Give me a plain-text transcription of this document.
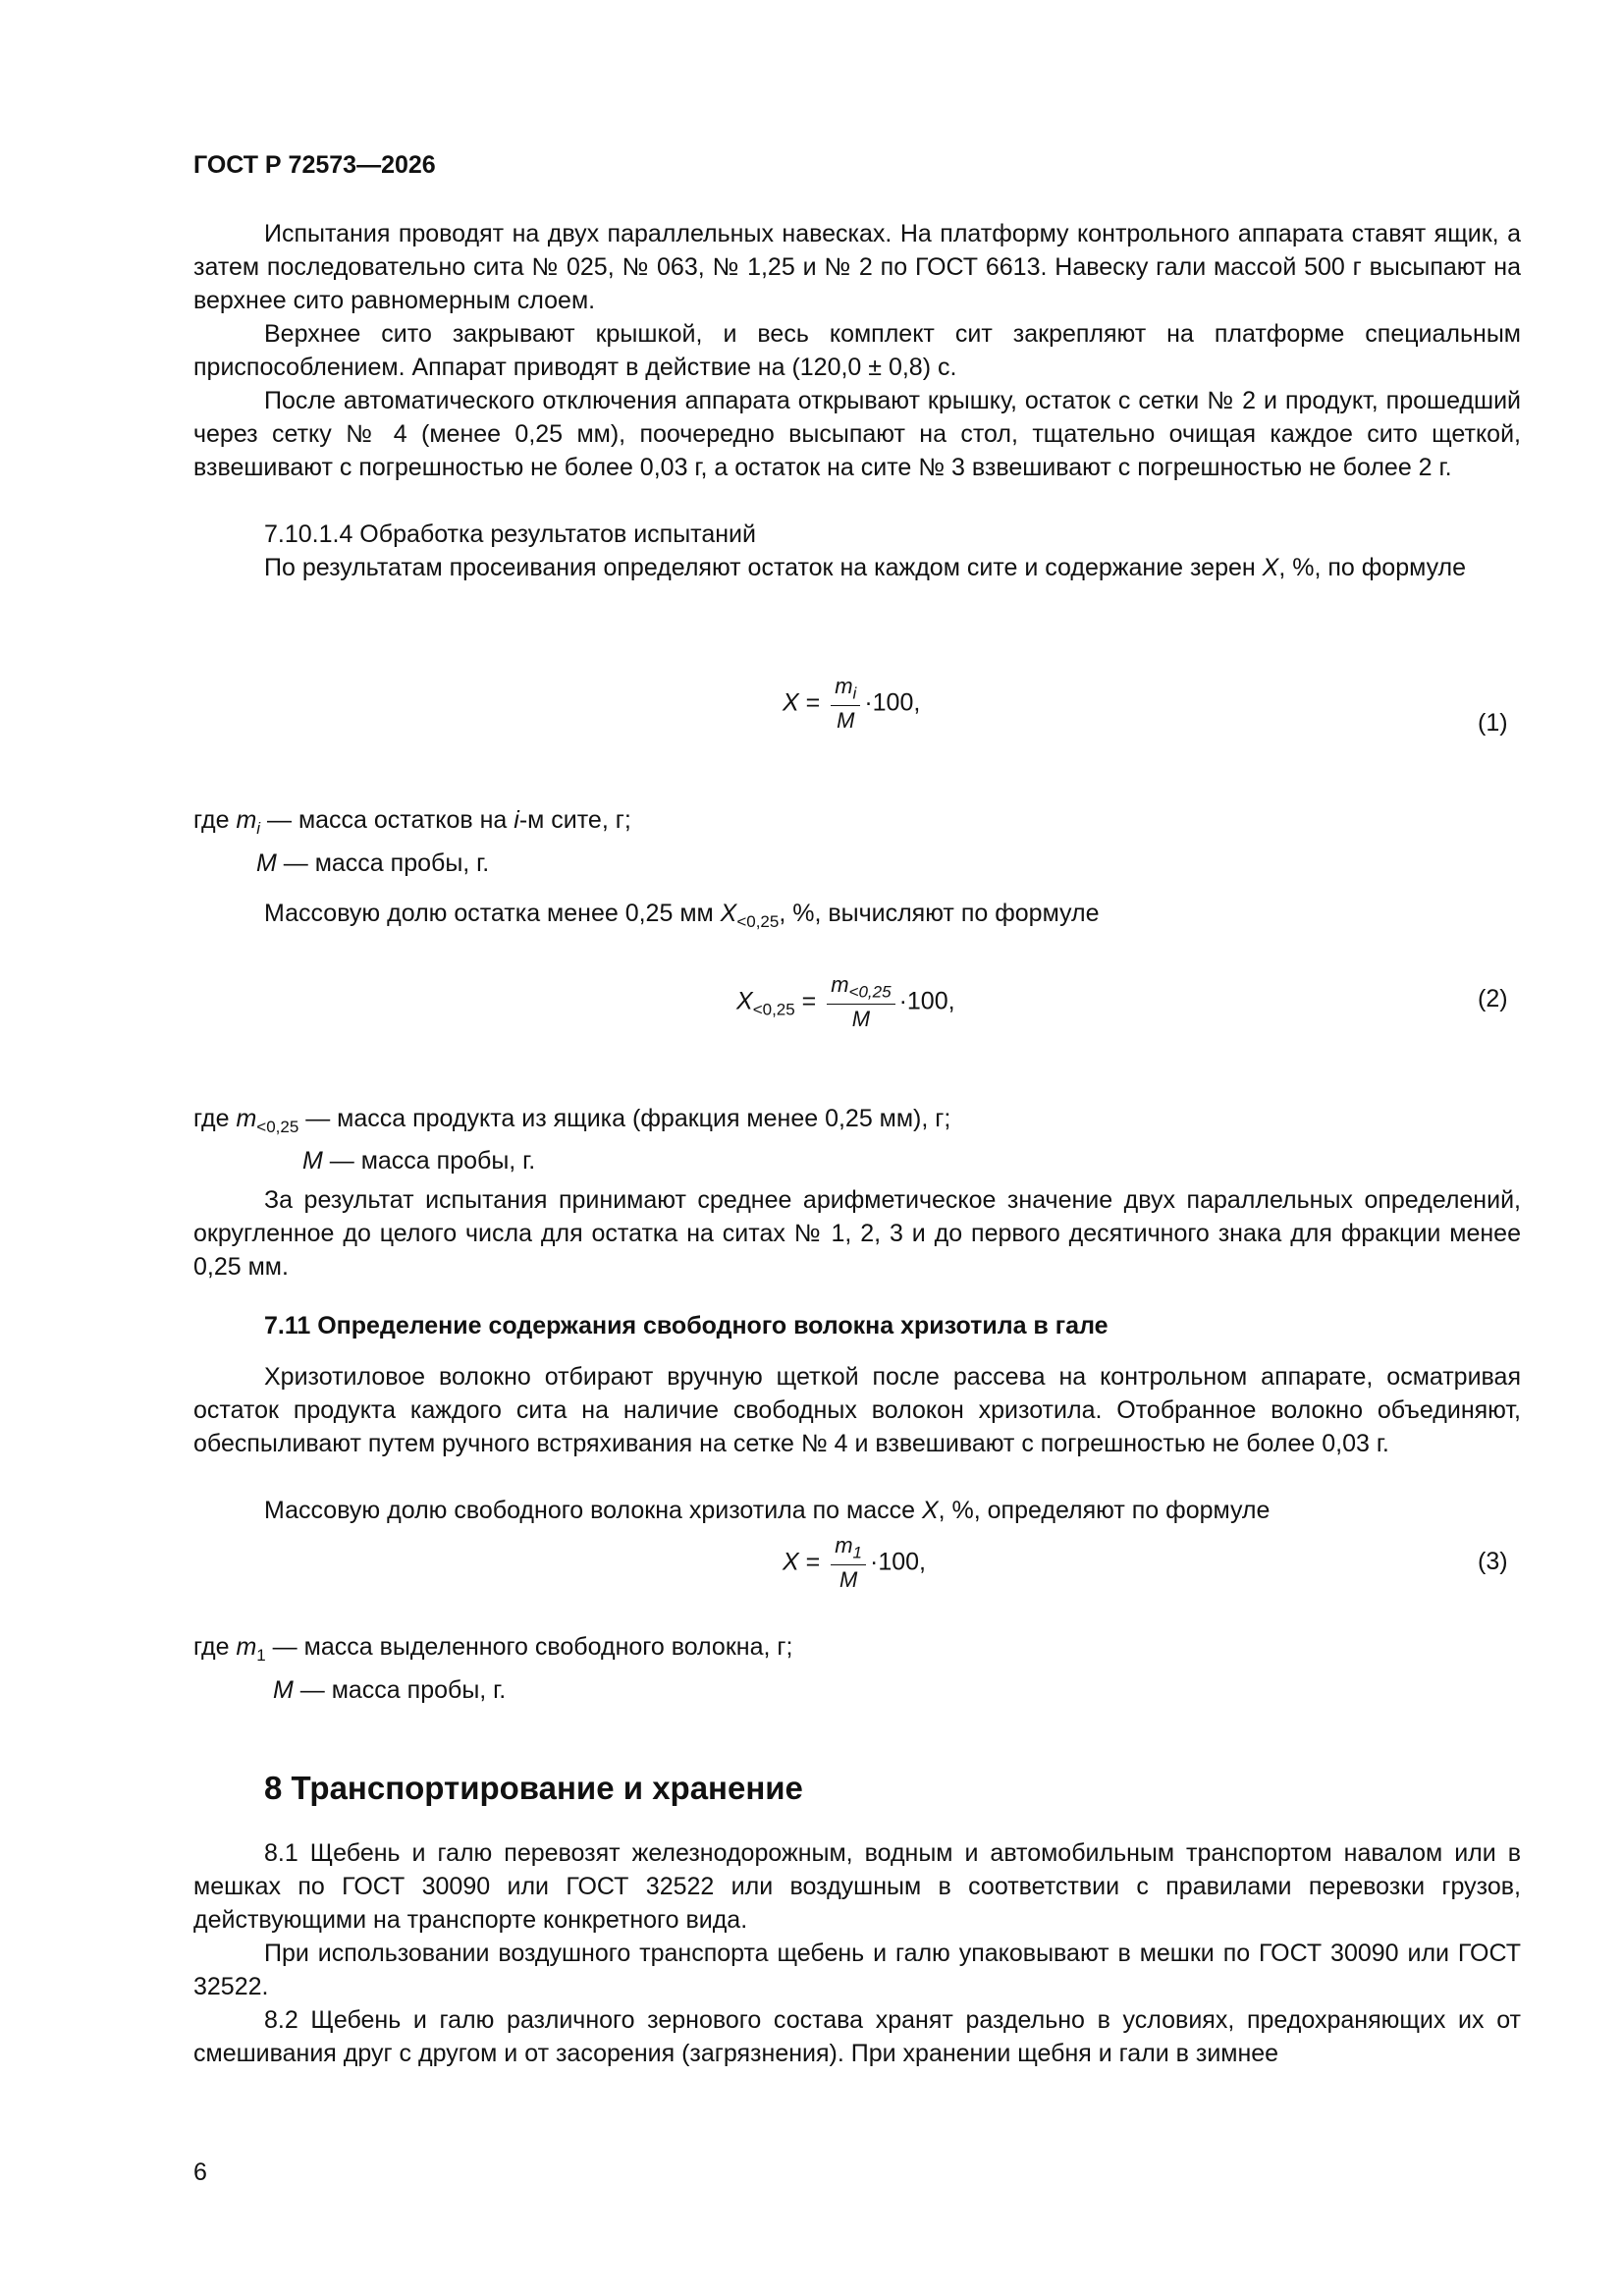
ГОСТ Р 72573—2026

Испытания проводят на двух параллельных навесках. На платформу контрольного аппарата ставят ящик, а затем последовательно сита № 025, № 063, № 1,25 и № 2 по ГОСТ 6613. Навеску гали массой 500 г высыпают на верхнее сито равномерным слоем.

Верхнее сито закрывают крышкой, и весь комплект сит закрепляют на платформе специальным приспособлением. Аппарат приводят в действие на (120,0 ± 0,8) с.

После автоматического отключения аппарата открывают крышку, остаток с сетки № 2 и продукт, прошедший через сетку № 4 (менее 0,25 мм), поочередно высыпают на стол, тщательно очищая каждое сито щеткой, взвешивают с погрешностью не более 0,03 г, а остаток на сите № 3 взвешивают с погрешностью не более 2 г.

7.10.1.4 Обработка результатов испытаний

По результатам просеивания определяют остаток на каждом сите и содержание зерен X, %, по формуле

$X = \frac{m_i}{M} \cdot 100$,
(1)
где $m_i$ — масса остатков на i-м сите, г;
M — масса пробы, г.
Массовую долю остатка менее 0,25 мм $X_{<0,25}$, %, вычисляют по формуле
$X_{<0,25} = \frac{m_{<0,25}}{M} \cdot 100$,	(2)
где $m_{<0,25}$ — масса продукта из ящика (фракция менее 0,25 мм), г;
M — масса пробы, г.

За результат испытания принимают среднее арифметическое значение двух параллельных определений, округленное до целого числа для остатка на ситах № 1, 2, 3 и до первого десятичного знака для фракции менее 0,25 мм.

7.11 Определение содержания свободного волокна хризотила в гале

Хризотиловое волокно отбирают вручную щеткой после рассева на контрольном аппарате, осматривая остаток продукта каждого сита на наличие свободных волокон хризотила. Отобранное волокно объединяют, обеспыливают путем ручного встряхивания на сетке № 4 и взвешивают с погрешностью не более 0,03 г.

Массовую долю свободного волокна хризотила по массе X, %, определяют по формуле
$X = \frac{m_1}{M} \cdot 100$,	(3)
где $m_1$ — масса выделенного свободного волокна, г;
M — масса пробы, г.
8 Транспортирование и хранение

8.1 Щебень и галю перевозят железнодорожным, водным и автомобильным транспортом навалом или в мешках по ГОСТ 30090 или ГОСТ 32522 или воздушным в соответствии с правилами перевозки грузов, действующими на транспорте конкретного вида.

При использовании воздушного транспорта щебень и галю упаковывают в мешки по ГОСТ 30090 или ГОСТ 32522.

8.2 Щебень и галю различного зернового состава хранят раздельно в условиях, предохраняющих их от смешивания друг с другом и от засорения (загрязнения). При хранении щебня и гали в зимнее

6
